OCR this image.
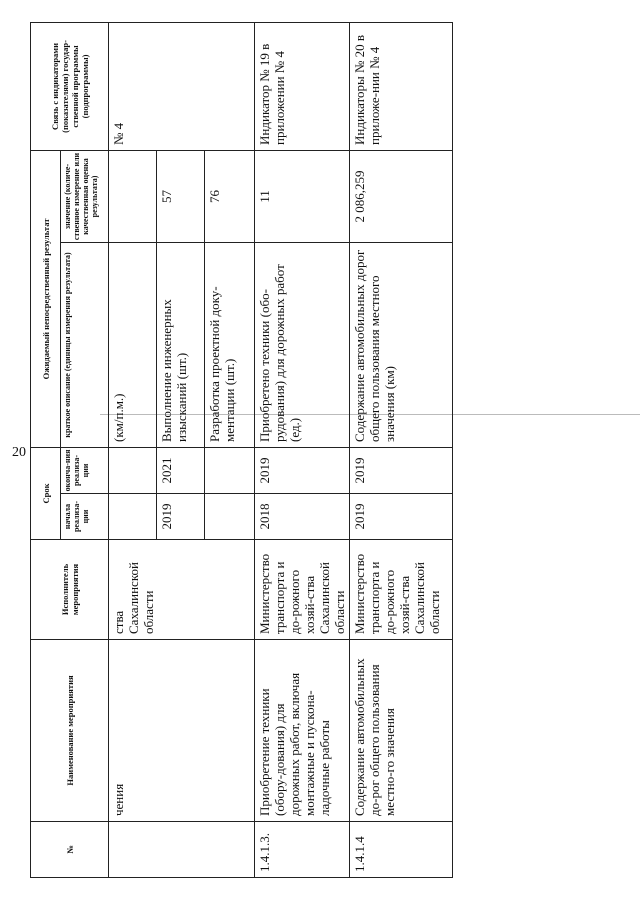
20
№	Наименование мероприятия	Исполнитель мероприятия	Срок		Ожидаемый непосредственный результат		Связь с индикаторами (показателями) государ-ственной программы (подпрограммы)
			начала реализа-ции	оконча-ния реализа-ции	краткое описание (единицы измерения результата)	значение (количе-ственное измерение или качественная оценка результата)	
	чения	ства Сахалинской области			(км/п.м.)		№ 4
			2019	2021	Выполнение инженерных изысканий (шт.)	57	
					Разработка проектной доку-ментации (шт.)	76	
1.4.1.3.	Приобретение техники (обору-дования) для дорожных работ, включая монтажные и пускона-ладочные работы	Министерство транспорта и до-рожного хозяй-ства Сахалинской области	2018	2019	Приобретено техники (обо-рудования) для дорожных работ (ед.)	11	Индикатор № 19 в приложении № 4
1.4.1.4	Содержание автомобильных до-рог общего пользования местно-го значения	Министерство транспорта и до-рожного хозяй-ства Сахалинской области	2019	2019	Содержание автомобильных дорог общего пользования местного значения (км)	2 086,259	Индикаторы № 20 в приложе-нии № 4
